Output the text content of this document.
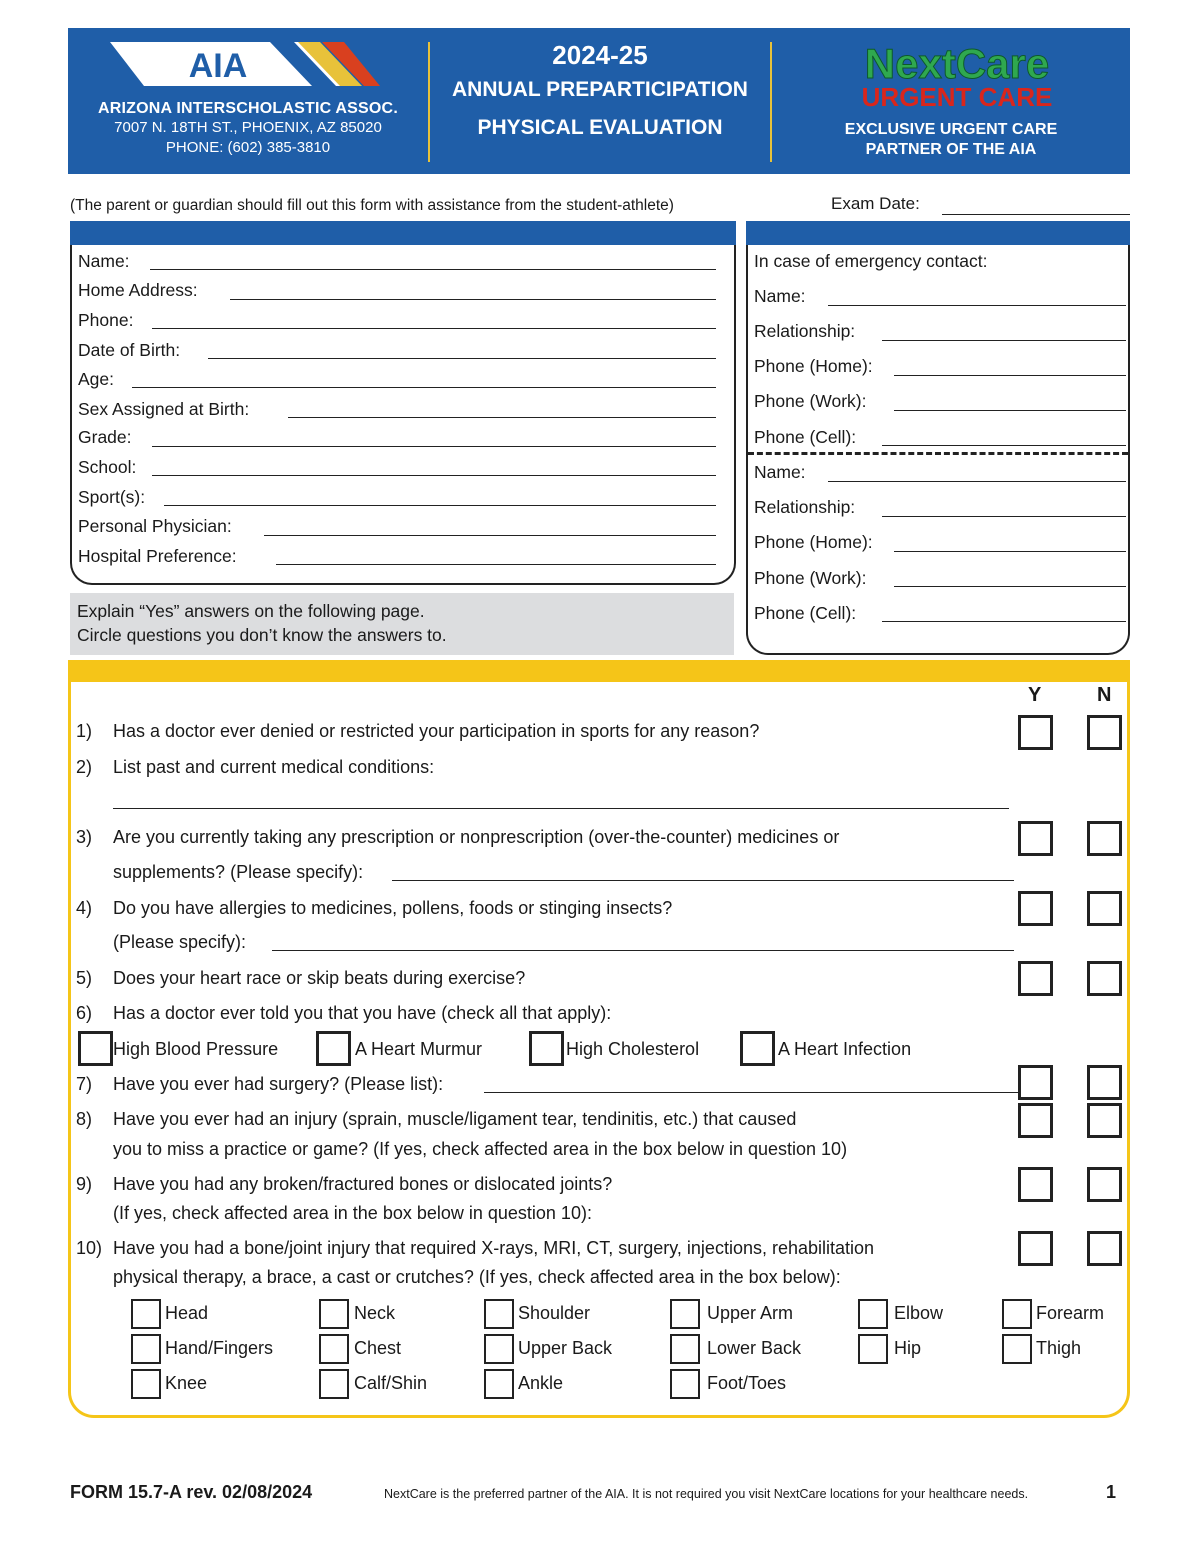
AIA
ARIZONA INTERSCHOLASTIC ASSOC.
7007 N. 18TH ST., PHOENIX, AZ 85020
PHONE: (602) 385-3810
2024-25
ANNUAL PREPARTICIPATION
PHYSICAL EVALUATION
NextCare
URGENT CARE
EXCLUSIVE URGENT CARE
PARTNER OF THE AIA
(The parent or guardian should fill out this form with assistance from the student-athlete)	Exam Date:
Name:
Home Address:
Phone:
Date of Birth:
Age:
Sex Assigned at Birth:
Grade:
School:
Sport(s):
Personal Physician:
Hospital Preference:
Explain “Yes” answers on the following page.
Circle questions you don’t know the answers to.
In case of emergency contact:
Name:
Relationship:
Phone (Home):
Phone (Work):
Phone (Cell):
Name:
Relationship:
Phone (Home):
Phone (Work):
Phone (Cell):
Y	N
1) Has a doctor ever denied or restricted your participation in sports for any reason?
2) List past and current medical conditions:
3) Are you currently taking any prescription or nonprescription (over-the-counter) medicines or
supplements? (Please specify):
4) Do you have allergies to medicines, pollens, foods or stinging insects?
(Please specify):
5) Does your heart race or skip beats during exercise?
6) Has a doctor ever told you that you have (check all that apply):
High Blood Pressure	A Heart Murmur	High Cholesterol	A Heart Infection
7) Have you ever had surgery? (Please list):
8) Have you ever had an injury (sprain, muscle/ligament tear, tendinitis, etc.) that caused
you to miss a practice or game? (If yes, check affected area in the box below in question 10)
9) Have you had any broken/fractured bones or dislocated joints?
(If yes, check affected area in the box below in question 10):
10) Have you had a bone/joint injury that required X-rays, MRI, CT, surgery, injections, rehabilitation
physical therapy, a brace, a cast or crutches? (If yes, check affected area in the box below):
Head	Neck	Shoulder	Upper Arm	Elbow	Forearm
Hand/Fingers	Chest	Upper Back	Lower Back	Hip	Thigh
Knee	Calf/Shin	Ankle	Foot/Toes
FORM 15.7-A rev. 02/08/2024	NextCare is the preferred partner of the AIA. It is not required you visit NextCare locations for your healthcare needs.	1
